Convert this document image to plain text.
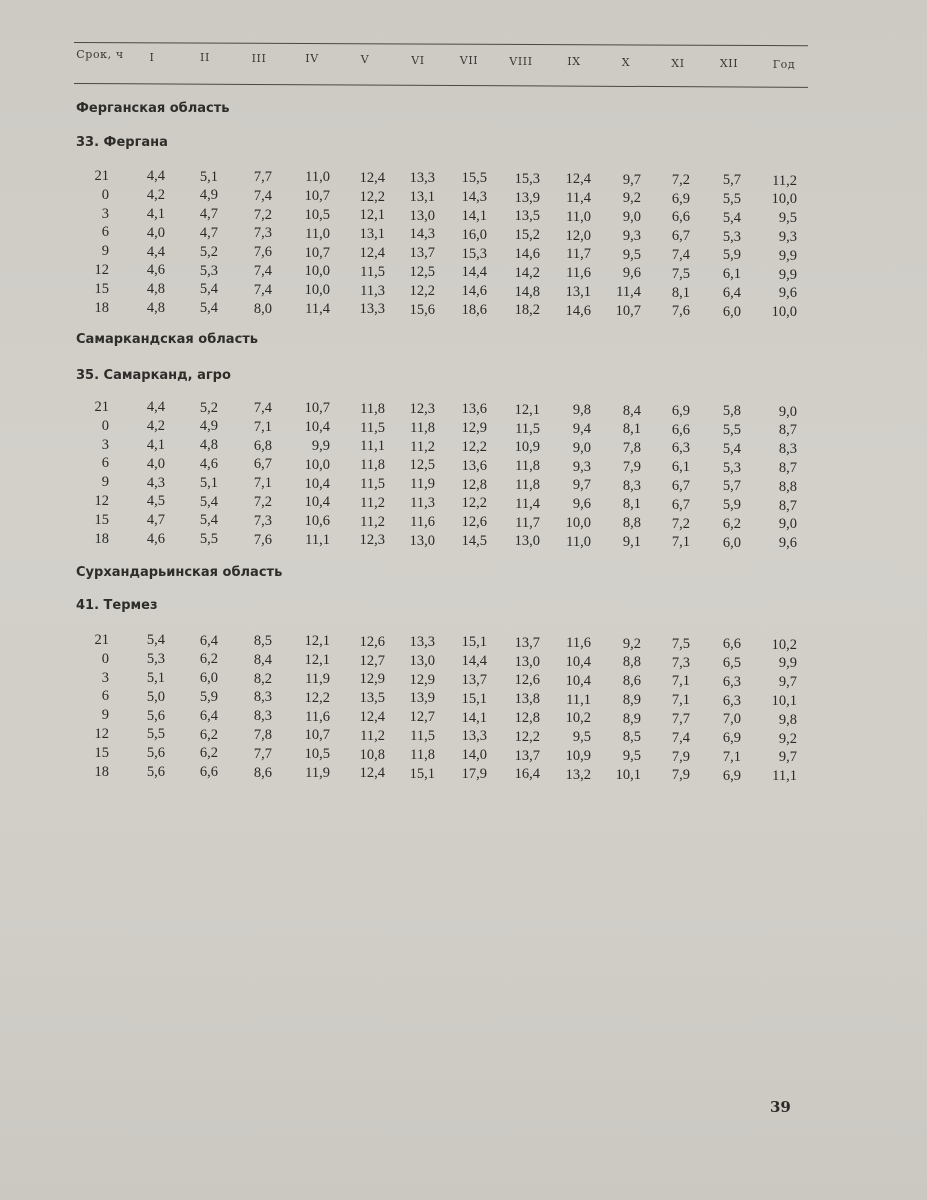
Срок, ч I	II	III	IV	V	VI	VII	VIII	IX	X	XI	XII	Год
Ферганская область
33. Фергана
21	4,4 5,1 7,7 11,0 12,4 13,3 15,5 15,3 12,4 9,7 7,2 5,7 11,2
0	4,2 4,9 7,4 10,7 12,2 13,1 14,3 13,9 11,4 9,2 6,9 5,5 10,0
3	4,1 4,7 7,2 10,5 12,1 13,0 14,1 13,5 11,0 9,0 6,6 5,4	9,5
6	4,0 4,7 7,3 11,0 13,1 14,3 16,0 15,2 12,0 9,3 6,7 5,3	9,3
9	4,4 5,2 7,6 10,7 12,4 13,7 15,3 14,6 11,7 9,5 7,4 5,9	9,9
12	4,6 5,3 7,4 10,0 11,5 12,5 14,4 14,2 11,6 9,6 7,5 6,1	9,9
15	4,8 5,4 7,4 10,0 11,3 12,2 14,6 14,8 13,1 11,4 8,1 6,4	9,6
18	4,8 5,4 8,0 11,4 13,3 15,6 18,6 18,2 14,6 10,7 7,6 6,0 10,0
Самаркандская область
35. Самарканд, агро
21	4,4 5,2 7,4 10,7 11,8 12,3 13,6 12,1 9,8 8,4 6,9 5,8	9,0
0	4,2 4,9 7,1 10,4 11,5 11,8 12,9 11,5 9,4 8,1 6,6 5,5	8,7
3	4,1 4,8 6,8	9,9 11,1 11,2 12,2 10,9 9,0 7,8 6,3 5,4	8,3
6	4,0 4,6 6,7 10,0 11,8 12,5 13,6 11,8 9,3 7,9 6,1 5,3	8,7
9	4,3 5,1 7,1 10,4 11,5 11,9 12,8 11,8 9,7 8,3 6,7 5,7	8,8
12	4,5 5,4 7,2 10,4 11,2 11,3 12,2 11,4 9,6 8,1 6,7 5,9	8,7
15	4,7 5,4 7,3 10,6 11,2 11,6 12,6 11,7 10,0 8,8 7,2 6,2	9,0
18	4,6 5,5 7,6 11,1 12,3 13,0 14,5 13,0 11,0 9,1 7,1 6,0	9,6
Сурхандарьинская область
41. Термез
21	5,4 6,4 8,5 12,1 12,6 13,3 15,1 13,7 11,6 9,2 7,5 6,6 10,2
0	5,3 6,2 8,4 12,1 12,7 13,0 14,4 13,0 10,4 8,8 7,3 6,5	9,9
3	5,1 6,0 8,2 11,9 12,9 12,9 13,7 12,6 10,4 8,6 7,1 6,3	9,7
6	5,0 5,9 8,3 12,2 13,5 13,9 15,1 13,8 11,1 8,9 7,1 6,3 10,1
9	5,6 6,4 8,3 11,6 12,4 12,7 14,1 12,8 10,2 8,9 7,7 7,0	9,8
12	5,5 6,2 7,8 10,7 11,2 11,5 13,3 12,2 9,5 8,5 7,4 6,9	9,2
15	5,6 6,2 7,7 10,5 10,8 11,8 14,0 13,7 10,9 9,5 7,9 7,1	9,7
18	5,6 6,6 8,6 11,9 12,4 15,1 17,9 16,4 13,2 10,1 7,9 6,9 11,1
39
